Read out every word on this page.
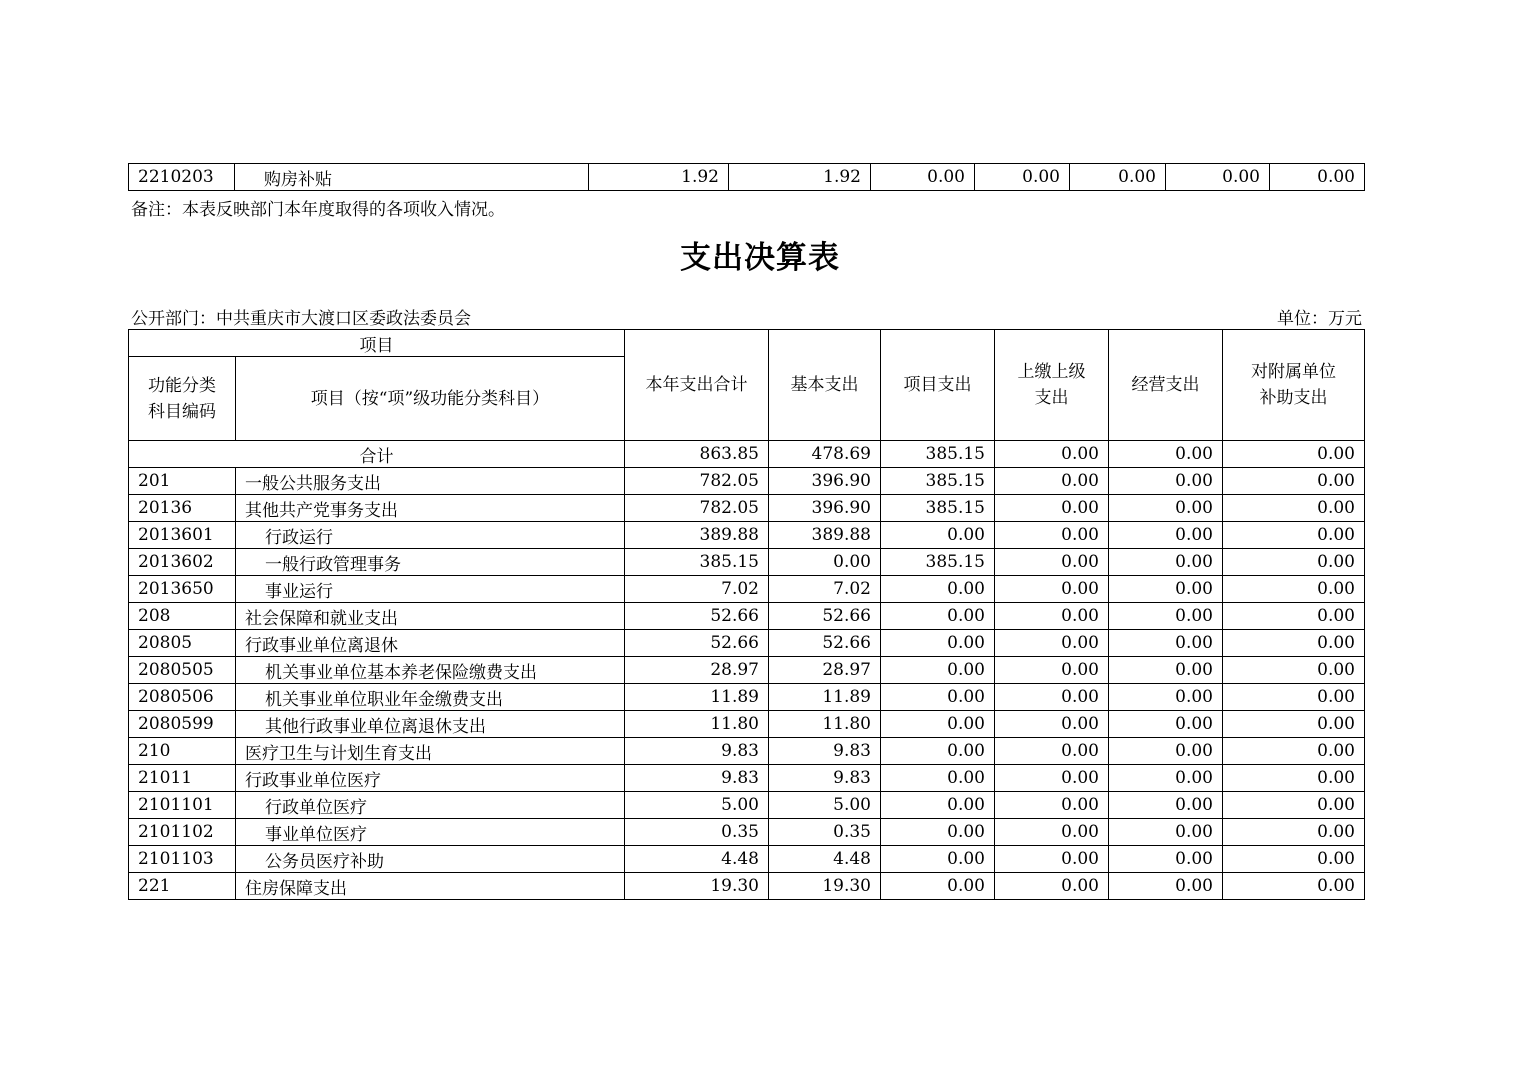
2210203	购房补贴	1.92	1.92	0.00	0.00	0.00	0.00	0.00
备注：本表反映部门本年度取得的各项收入情况。
支出决算表
公开部门：中共重庆市大渡口区委政法委员会	单位：万元
项目		本年支出合计	基本支出	项目支出	上缴上级支出	经营支出	对附属单位补助支出
功能分类科目编码	项目（按“项”级功能分类科目）						
合计		863.85	478.69	385.15	0.00	0.00	0.00
201	一般公共服务支出	782.05	396.90	385.15	0.00	0.00	0.00
20136	其他共产党事务支出	782.05	396.90	385.15	0.00	0.00	0.00
2013601	行政运行	389.88	389.88	0.00	0.00	0.00	0.00
2013602	一般行政管理事务	385.15	0.00	385.15	0.00	0.00	0.00
2013650	事业运行	7.02	7.02	0.00	0.00	0.00	0.00
208	社会保障和就业支出	52.66	52.66	0.00	0.00	0.00	0.00
20805	行政事业单位离退休	52.66	52.66	0.00	0.00	0.00	0.00
2080505	机关事业单位基本养老保险缴费支出	28.97	28.97	0.00	0.00	0.00	0.00
2080506	机关事业单位职业年金缴费支出	11.89	11.89	0.00	0.00	0.00	0.00
2080599	其他行政事业单位离退休支出	11.80	11.80	0.00	0.00	0.00	0.00
210	医疗卫生与计划生育支出	9.83	9.83	0.00	0.00	0.00	0.00
21011	行政事业单位医疗	9.83	9.83	0.00	0.00	0.00	0.00
2101101	行政单位医疗	5.00	5.00	0.00	0.00	0.00	0.00
2101102	事业单位医疗	0.35	0.35	0.00	0.00	0.00	0.00
2101103	公务员医疗补助	4.48	4.48	0.00	0.00	0.00	0.00
221	住房保障支出	19.30	19.30	0.00	0.00	0.00	0.00
